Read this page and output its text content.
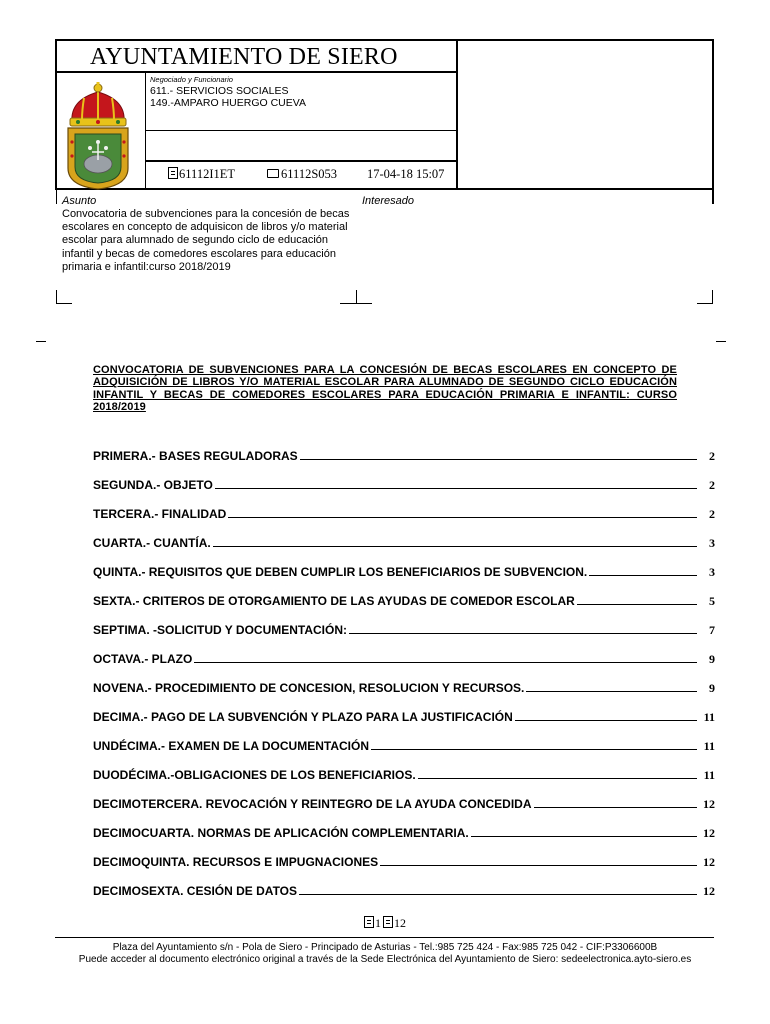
AYUNTAMIENTO DE SIERO
Negociado y Funcionario
611.- SERVICIOS SOCIALES
149.-AMPARO HUERGO CUEVA
61112I1ET	61112S053 17-04-18 15:07
Asunto
Convocatoria de subvenciones para la concesión de becas escolares en concepto de adquisicon de libros y/o material escolar para alumnado de segundo ciclo de educación infantil y becas de comedores escolares para educación primaria e infantil:curso 2018/2019
Interesado
CONVOCATORIA DE SUBVENCIONES PARA LA CONCESIÓN DE BECAS ESCOLARES EN CONCEPTO DE ADQUISICIÓN DE LIBROS Y/O MATERIAL ESCOLAR PARA ALUMNADO DE SEGUNDO CICLO EDUCACIÓN INFANTIL Y BECAS DE COMEDORES ESCOLARES PARA EDUCACIÓN PRIMARIA E INFANTIL: CURSO 2018/2019
PRIMERA.- BASES REGULADORAS	2
SEGUNDA.- OBJETO	2
TERCERA.- FINALIDAD	2
CUARTA.- CUANTÍA.	3
QUINTA.- REQUISITOS QUE DEBEN CUMPLIR LOS BENEFICIARIOS DE SUBVENCION.	3
SEXTA.- CRITEROS DE OTORGAMIENTO DE LAS AYUDAS DE COMEDOR ESCOLAR	5
SEPTIMA. -SOLICITUD Y DOCUMENTACIÓN:	7
OCTAVA.- PLAZO	9
NOVENA.- PROCEDIMIENTO DE CONCESION, RESOLUCION Y RECURSOS.	9
DECIMA.- PAGO DE LA SUBVENCIÓN Y PLAZO PARA LA JUSTIFICACIÓN	11
UNDÉCIMA.- EXAMEN DE LA DOCUMENTACIÓN	11
DUODÉCIMA.-OBLIGACIONES DE LOS BENEFICIARIOS.	11
DECIMOTERCERA. REVOCACIÓN Y REINTEGRO DE LA AYUDA CONCEDIDA	12
DECIMOCUARTA. NORMAS DE APLICACIÓN COMPLEMENTARIA.	12
DECIMOQUINTA. RECURSOS E IMPUGNACIONES	12
DECIMOSEXTA. CESIÓN DE DATOS	12
1 12
Plaza del Ayuntamiento s/n - Pola de Siero - Principado de Asturias - Tel.:985 725 424 - Fax:985 725 042 - CIF:P3306600B
Puede acceder al documento electrónico original a través de la Sede Electrónica del Ayuntamiento de Siero: sedeelectronica.ayto-siero.es
